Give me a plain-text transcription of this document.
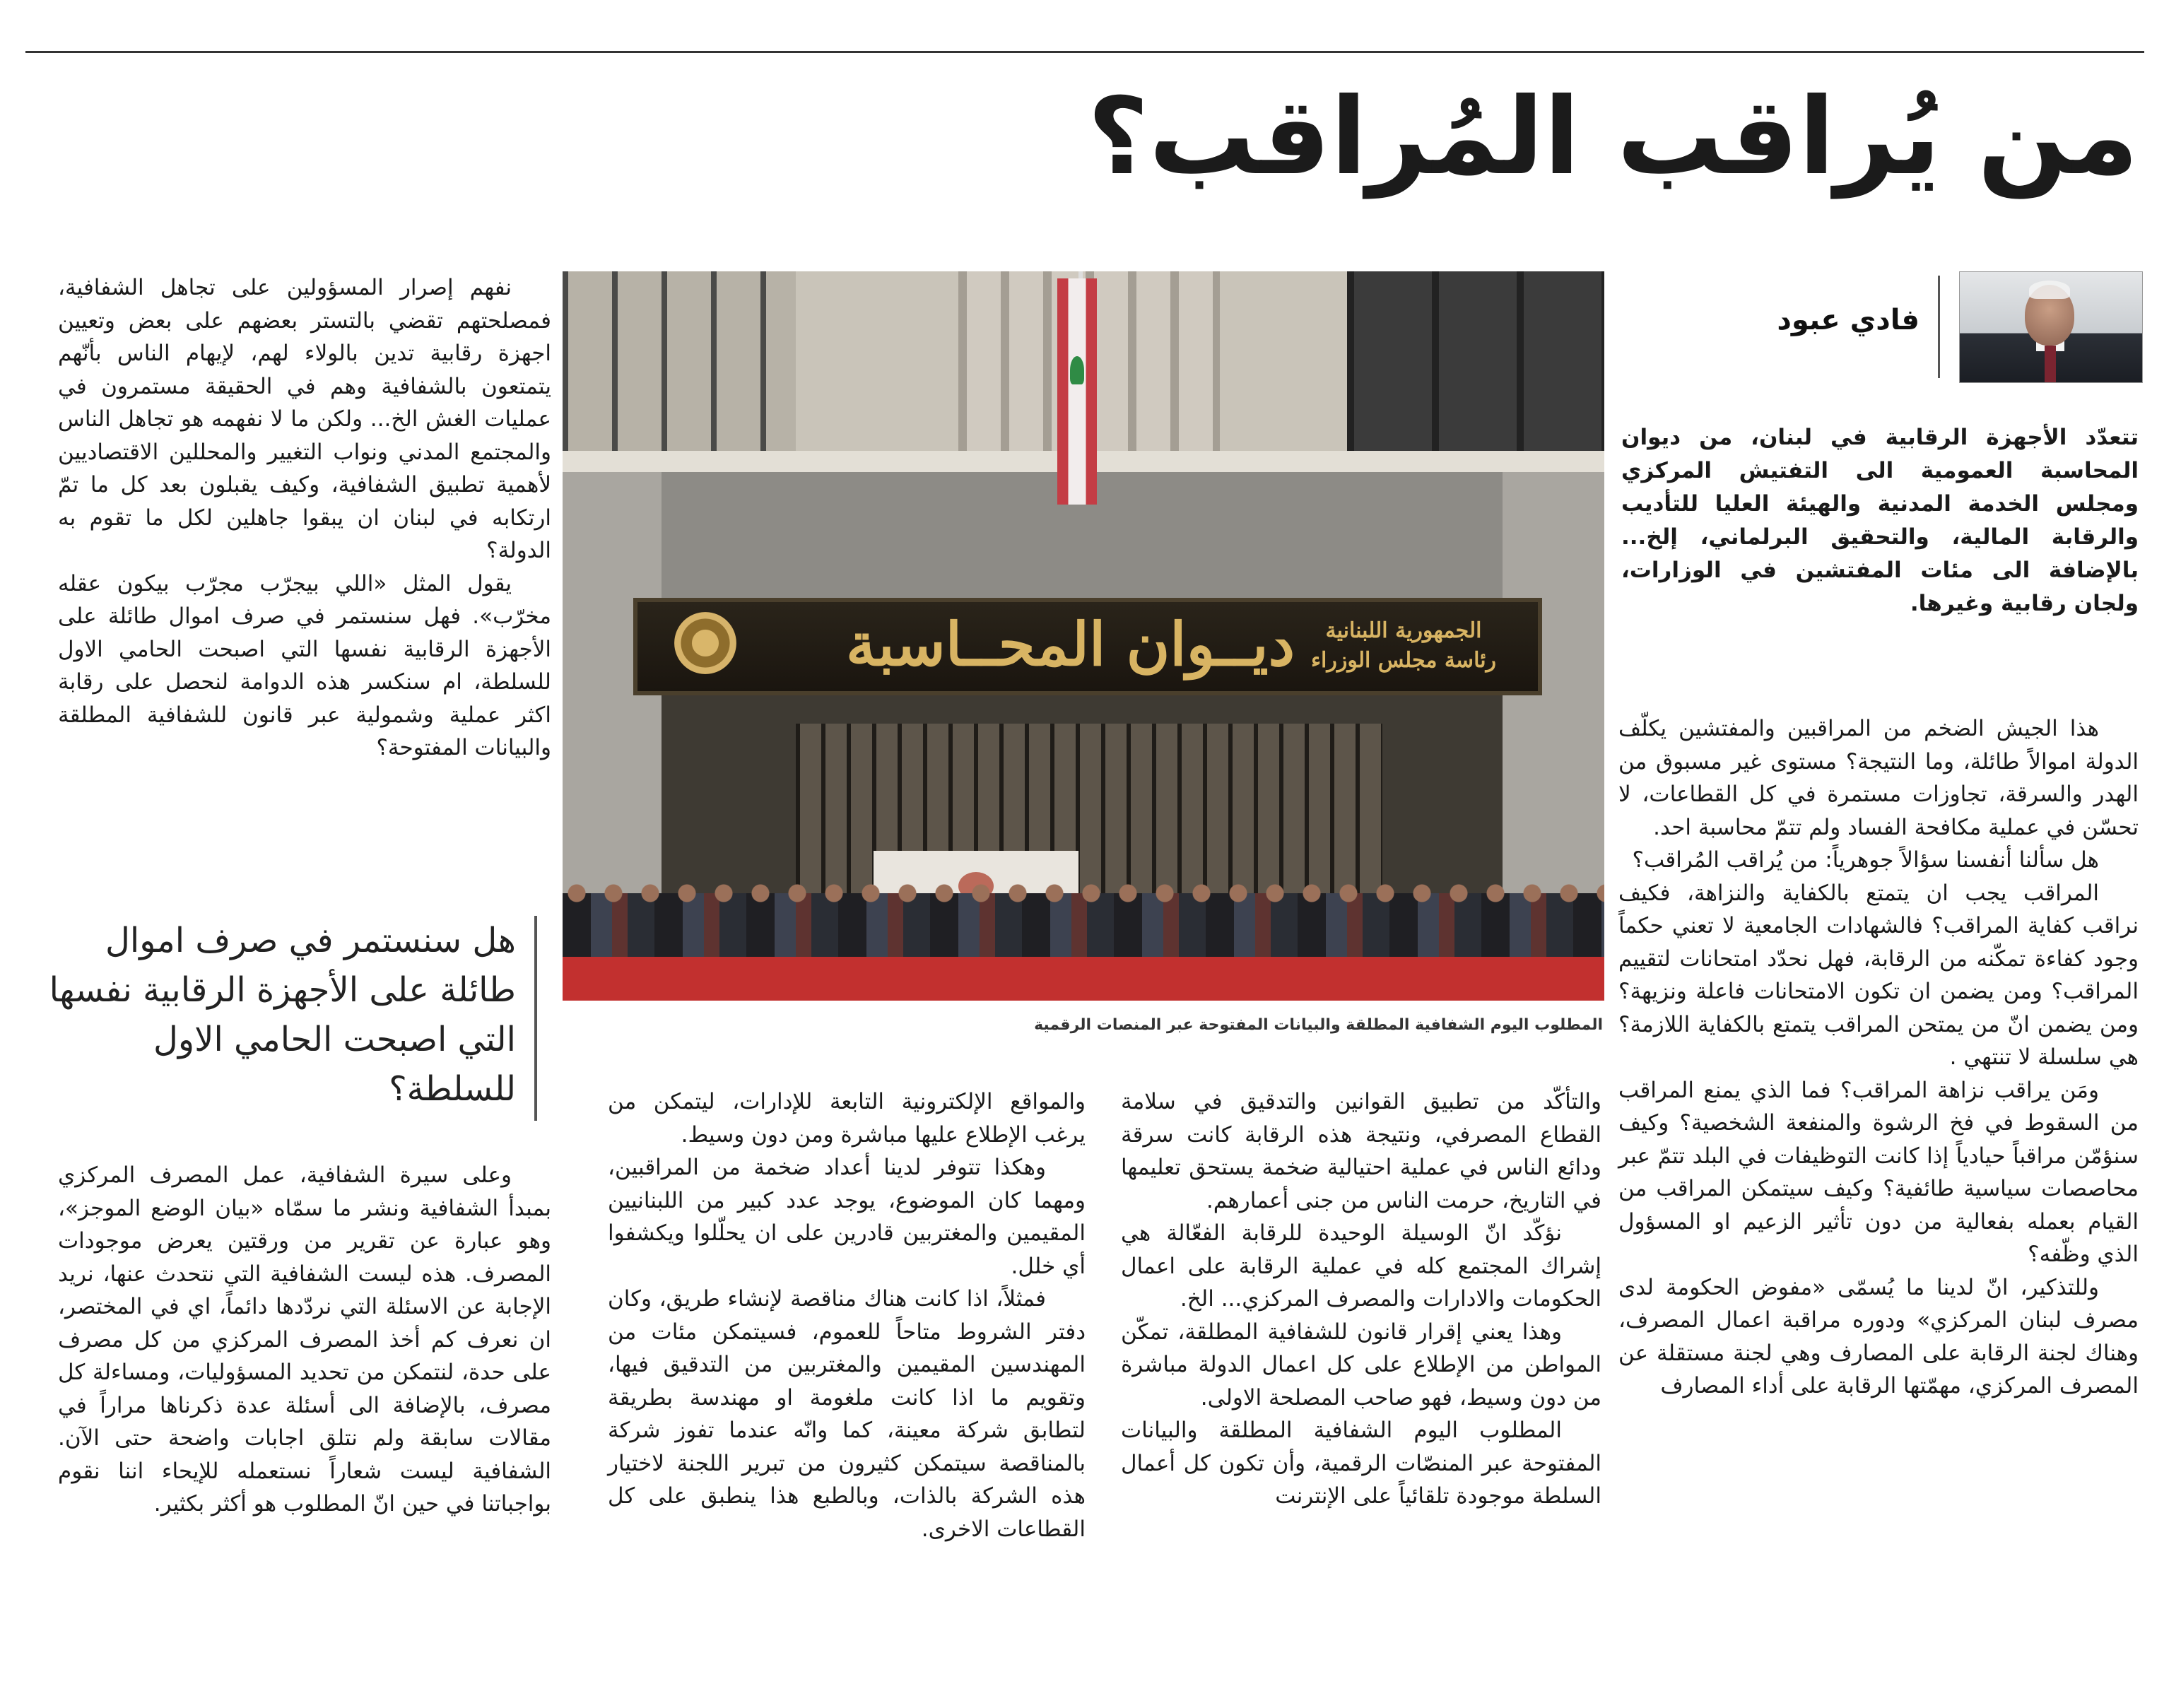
من يُراقب المُراقب؟
فادي عبود
تتعدّد الأجهزة الرقابية في لبنان، من ديوان المحاسبة العمومية الى التفتيش المركزي ومجلس الخدمة المدنية والهيئة العليا للتأديب والرقابة المالية، والتحقيق البرلماني، إلخ... بالإضافة الى مئات المفتشين في الوزارات، ولجان رقابية وغيرها.

هذا الجيش الضخم من المراقبين والمفتشين يكلّف الدولة اموالاً طائلة، وما النتيجة؟ مستوى غير مسبوق من الهدر والسرقة، تجاوزات مستمرة في كل القطاعات، لا تحسّن في عملية مكافحة الفساد ولم تتمّ محاسبة احد.

هل سألنا أنفسنا سؤالاً جوهرياً: من يُراقب المُراقب؟

المراقب يجب ان يتمتع بالكفاية والنزاهة، فكيف نراقب كفاية المراقب؟ فالشهادات الجامعية لا تعني حكماً وجود كفاءة تمكّنه من الرقابة، فهل نحدّد امتحانات لتقييم المراقب؟ ومن يضمن ان تكون الامتحانات فاعلة ونزيهة؟ ومن يضمن انّ من يمتحن المراقب يتمتع بالكفاية اللازمة؟ هي سلسلة لا تنتهي .

ومَن يراقب نزاهة المراقب؟ فما الذي يمنع المراقب من السقوط في فخ الرشوة والمنفعة الشخصية؟ وكيف سنؤمّن مراقباً حيادياً إذا كانت التوظيفات في البلد تتمّ عبر محاصصات سياسية طائفية؟ وكيف سيتمكن المراقب من القيام بعمله بفعالية من دون تأثير الزعيم او المسؤول الذي وظّفه؟

وللتذكير، انّ لدينا ما يُسمّى «مفوض الحكومة لدى مصرف لبنان المركزي» ودوره مراقبة اعمال المصرف، وهناك لجنة الرقابة على المصارف وهي لجنة مستقلة عن المصرف المركزي، مهمّتها الرقابة على أداء المصارف

ديــوان المحــاسبة	الجمهورية اللبنانية
رئاسة مجلس الوزراء
المطلوب اليوم الشفافية المطلقة والبيانات المفتوحة عبر المنصات الرقمية

نفهم إصرار المسؤولين على تجاهل الشفافية، فمصلحتهم تقضي بالتستر بعضهم على بعض وتعيين اجهزة رقابية تدين بالولاء لهم، لإيهام الناس بأنّهم يتمتعون بالشفافية وهم في الحقيقة مستمرون في عمليات الغش الخ... ولكن ما لا نفهمه هو تجاهل الناس والمجتمع المدني ونواب التغيير والمحللين الاقتصاديين لأهمية تطبيق الشفافية، وكيف يقبلون بعد كل ما تمّ ارتكابه في لبنان ان يبقوا جاهلين لكل ما تقوم به الدولة؟

يقول المثل «اللي بيجرّب مجرّب بيكون عقله مخرّب». فهل سنستمر في صرف اموال طائلة على الأجهزة الرقابية نفسها التي اصبحت الحامي الاول للسلطة، ام سنكسر هذه الدوامة لنحصل على رقابة اكثر عملية وشمولية عبر قانون للشفافية المطلقة والبيانات المفتوحة؟

هل سنستمر في صرف اموال طائلة على الأجهزة الرقابية نفسها التي اصبحت الحامي الاول للسلطة؟	والتأكّد من تطبيق القوانين والتدقيق في سلامة القطاع المصرفي، ونتيجة هذه الرقابة كانت سرقة ودائع الناس في عملية احتيالية ضخمة يستحق تعليمها في التاريخ، حرمت الناس من جنى أعمارهم.

نؤكّد انّ الوسيلة الوحيدة للرقابة الفعّالة هي إشراك المجتمع كله في عملية الرقابة على اعمال الحكومات والادارات والمصرف المركزي... الخ.

وهذا يعني إقرار قانون للشفافية المطلقة، تمكّن المواطن من الإطلاع على كل اعمال الدولة مباشرة من دون وسيط، فهو صاحب المصلحة الاولى.

المطلوب اليوم الشفافية المطلقة والبيانات المفتوحة عبر المنصّات الرقمية، وأن تكون كل أعمال السلطة موجودة تلقائياً على الإنترنت

والمواقع الإلكترونية التابعة للإدارات، ليتمكن من يرغب الإطلاع عليها مباشرة ومن دون وسيط.

وهكذا تتوفر لدينا أعداد ضخمة من المراقبين، ومهما كان الموضوع، يوجد عدد كبير من اللبنانيين المقيمين والمغتربين قادرين على ان يحلّلوا ويكشفوا أي خلل.

فمثلاً، اذا كانت هناك مناقصة لإنشاء طريق، وكان دفتر الشروط متاحاً للعموم، فسيتمكن مئات من المهندسين المقيمين والمغتربين من التدقيق فيها، وتقويم ما اذا كانت ملغومة او مهندسة بطريقة لتطابق شركة معينة، كما وانّه عندما تفوز شركة بالمناقصة سيتمكن كثيرون من تبرير اللجنة لاختيار هذه الشركة بالذات، وبالطبع هذا ينطبق على كل القطاعات الاخرى.

وعلى سيرة الشفافية، عمل المصرف المركزي بمبدأ الشفافية ونشر ما سمّاه «بيان الوضع الموجز»، وهو عبارة عن تقرير من ورقتين يعرض موجودات المصرف. هذه ليست الشفافية التي نتحدث عنها، نريد الإجابة عن الاسئلة التي نردّدها دائماً، اي في المختصر، ان نعرف كم أخذ المصرف المركزي من كل مصرف على حدة، لنتمكن من تحديد المسؤوليات، ومساءلة كل مصرف، بالإضافة الى أسئلة عدة ذكرناها مراراً في مقالات سابقة ولم نتلق اجابات واضحة حتى الآن. الشفافية ليست شعاراً نستعمله للإيحاء اننا نقوم بواجباتنا في حين انّ المطلوب هو أكثر بكثير.
